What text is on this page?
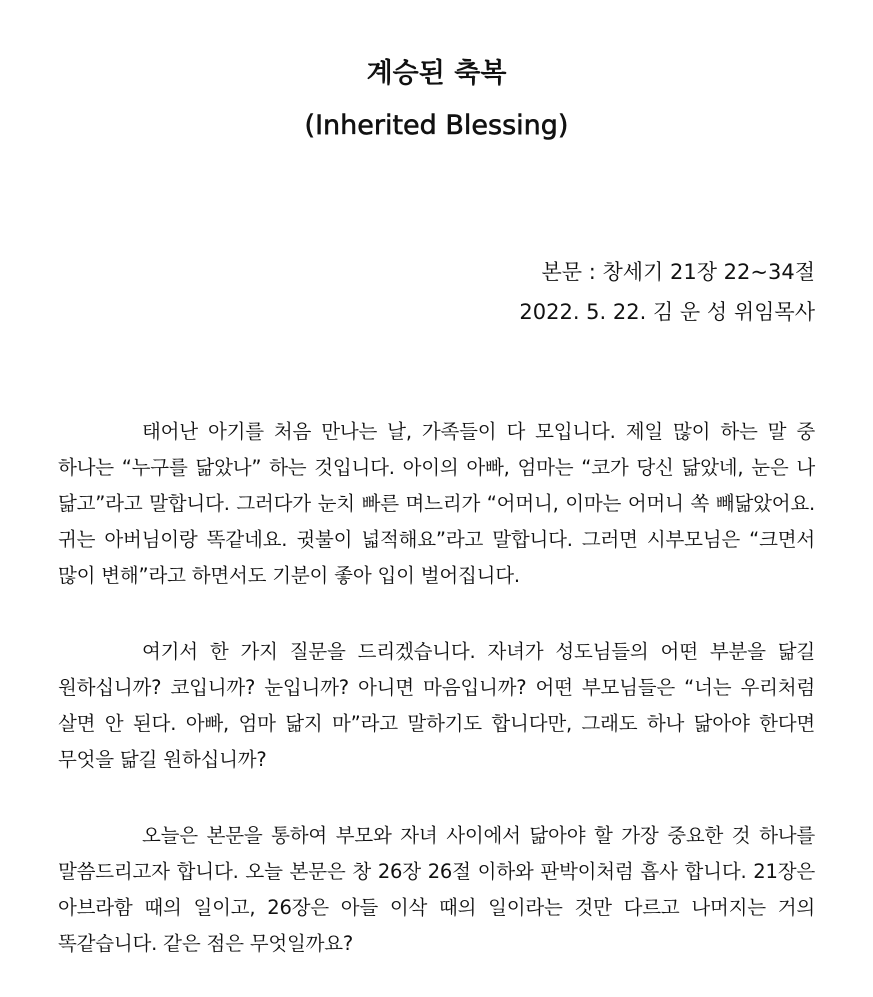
계승된 축복
(Inherited Blessing)

본문 : 창세기 21장 22~34절

2022. 5. 22. 김 운 성 위임목사

태어난 아기를 처음 만나는 날, 가족들이 다 모입니다. 제일 많이 하는 말 중 하나는 “누구를 닮았나” 하는 것입니다. 아이의 아빠, 엄마는 “코가 당신 닮았네, 눈은 나 닮고”라고 말합니다. 그러다가 눈치 빠른 며느리가 “어머니, 이마는 어머니 쏙 빼닮았어요. 귀는 아버님이랑 똑같네요. 귓불이 넓적해요”라고 말합니다. 그러면 시부모님은 “크면서 많이 변해”라고 하면서도 기분이 좋아 입이 벌어집니다.

여기서 한 가지 질문을 드리겠습니다. 자녀가 성도님들의 어떤 부분을 닮길 원하십니까? 코입니까? 눈입니까? 아니면 마음입니까? 어떤 부모님들은 “너는 우리처럼 살면 안 된다. 아빠, 엄마 닮지 마”라고 말하기도 합니다만, 그래도 하나 닮아야 한다면 무엇을 닮길 원하십니까?

오늘은 본문을 통하여 부모와 자녀 사이에서 닮아야 할 가장 중요한 것 하나를 말씀드리고자 합니다. 오늘 본문은 창 26장 26절 이하와 판박이처럼 흡사 합니다. 21장은 아브라함 때의 일이고, 26장은 아들 이삭 때의 일이라는 것만 다르고 나머지는 거의 똑같습니다. 같은 점은 무엇일까요?
